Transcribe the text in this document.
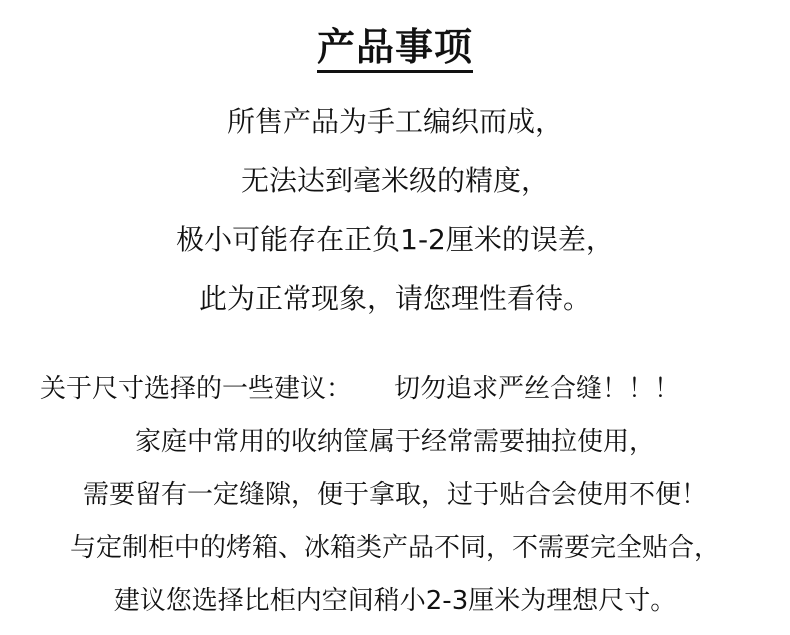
产品事项
所售产品为手工编织而成，
无法达到毫米级的精度，
极小可能存在正负1-2厘米的误差，
此为正常现象，请您理性看待。
关于尺寸选择的一些建议： 切勿追求严丝合缝！！！
家庭中常用的收纳筐属于经常需要抽拉使用，
需要留有一定缝隙，便于拿取，过于贴合会使用不便！
与定制柜中的烤箱、冰箱类产品不同，不需要完全贴合，
建议您选择比柜内空间稍小2-3厘米为理想尺寸。
